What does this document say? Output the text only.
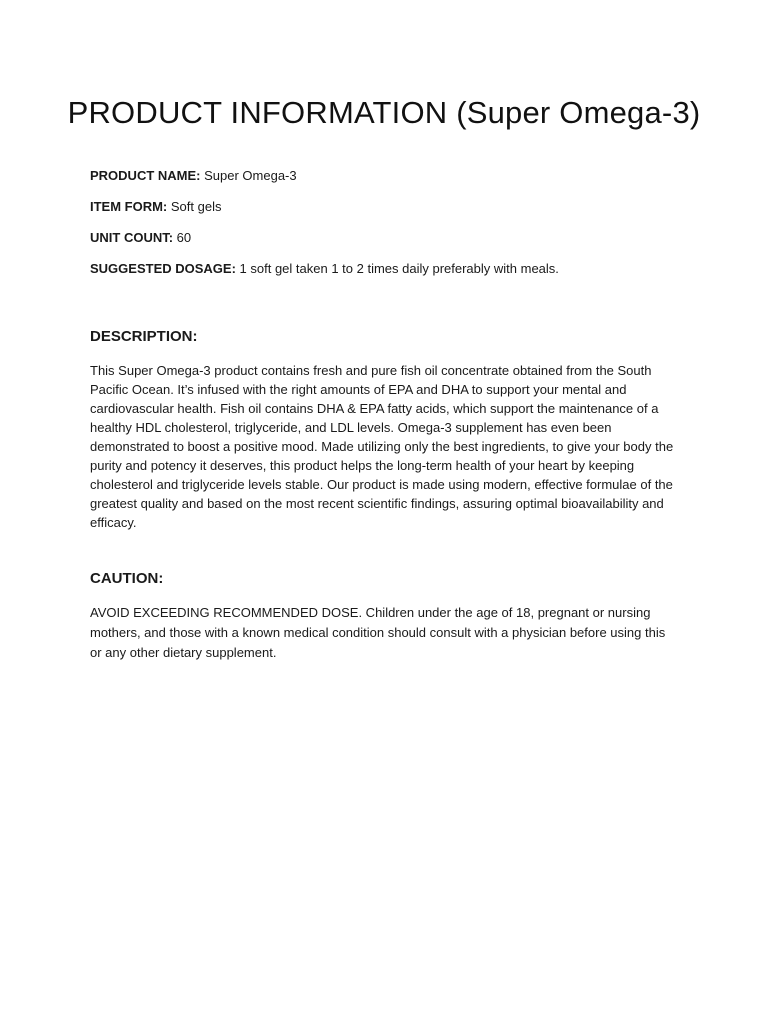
PRODUCT INFORMATION (Super Omega-3)

PRODUCT NAME: Super Omega-3

ITEM FORM: Soft gels

UNIT COUNT: 60

SUGGESTED DOSAGE: 1 soft gel taken 1 to 2 times daily preferably with meals.

DESCRIPTION:

This Super Omega-3 product contains fresh and pure fish oil concentrate obtained from the South Pacific Ocean. It’s infused with the right amounts of EPA and DHA to support your mental and cardiovascular health. Fish oil contains DHA & EPA fatty acids, which support the maintenance of a healthy HDL cholesterol, triglyceride, and LDL levels. Omega-3 supplement has even been demonstrated to boost a positive mood. Made utilizing only the best ingredients, to give your body the purity and potency it deserves, this product helps the long-term health of your heart by keeping cholesterol and triglyceride levels stable. Our product is made using modern, effective formulae of the greatest quality and based on the most recent scientific findings, assuring optimal bioavailability and efficacy.

CAUTION:

AVOID EXCEEDING RECOMMENDED DOSE. Children under the age of 18, pregnant or nursing mothers, and those with a known medical condition should consult with a physician before using this or any other dietary supplement.
